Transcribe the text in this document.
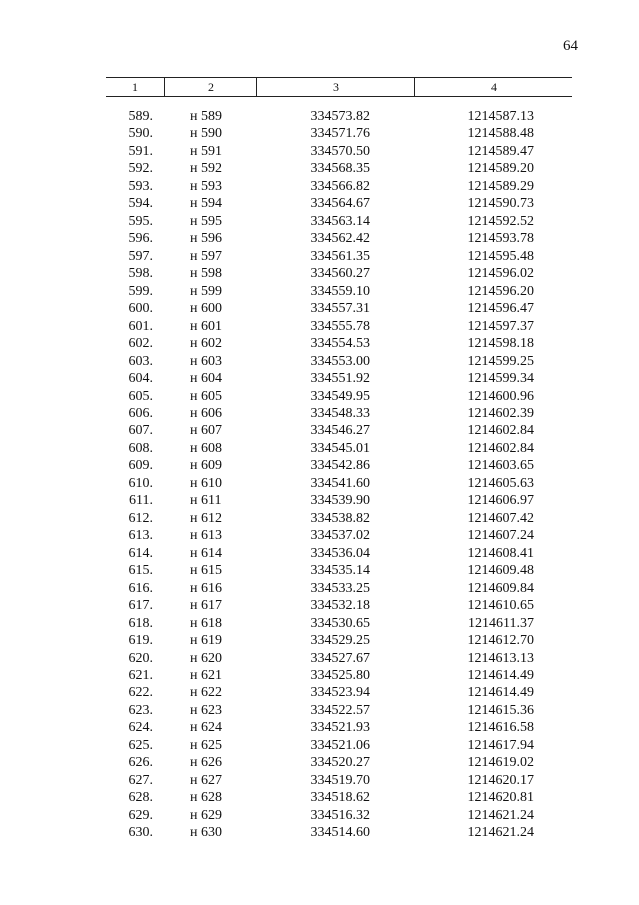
64
1	2	3	4
589.	н 589	334573.82	1214587.13
590.	н 590	334571.76	1214588.48
591.	н 591	334570.50	1214589.47
592.	н 592	334568.35	1214589.20
593.	н 593	334566.82	1214589.29
594.	н 594	334564.67	1214590.73
595.	н 595	334563.14	1214592.52
596.	н 596	334562.42	1214593.78
597.	н 597	334561.35	1214595.48
598.	н 598	334560.27	1214596.02
599.	н 599	334559.10	1214596.20
600.	н 600	334557.31	1214596.47
601.	н 601	334555.78	1214597.37
602.	н 602	334554.53	1214598.18
603.	н 603	334553.00	1214599.25
604.	н 604	334551.92	1214599.34
605.	н 605	334549.95	1214600.96
606.	н 606	334548.33	1214602.39
607.	н 607	334546.27	1214602.84
608.	н 608	334545.01	1214602.84
609.	н 609	334542.86	1214603.65
610.	н 610	334541.60	1214605.63
611.	н 611	334539.90	1214606.97
612.	н 612	334538.82	1214607.42
613.	н 613	334537.02	1214607.24
614.	н 614	334536.04	1214608.41
615.	н 615	334535.14	1214609.48
616.	н 616	334533.25	1214609.84
617.	н 617	334532.18	1214610.65
618.	н 618	334530.65	1214611.37
619.	н 619	334529.25	1214612.70
620.	н 620	334527.67	1214613.13
621.	н 621	334525.80	1214614.49
622.	н 622	334523.94	1214614.49
623.	н 623	334522.57	1214615.36
624.	н 624	334521.93	1214616.58
625.	н 625	334521.06	1214617.94
626.	н 626	334520.27	1214619.02
627.	н 627	334519.70	1214620.17
628.	н 628	334518.62	1214620.81
629.	н 629	334516.32	1214621.24
630.	н 630	334514.60	1214621.24
